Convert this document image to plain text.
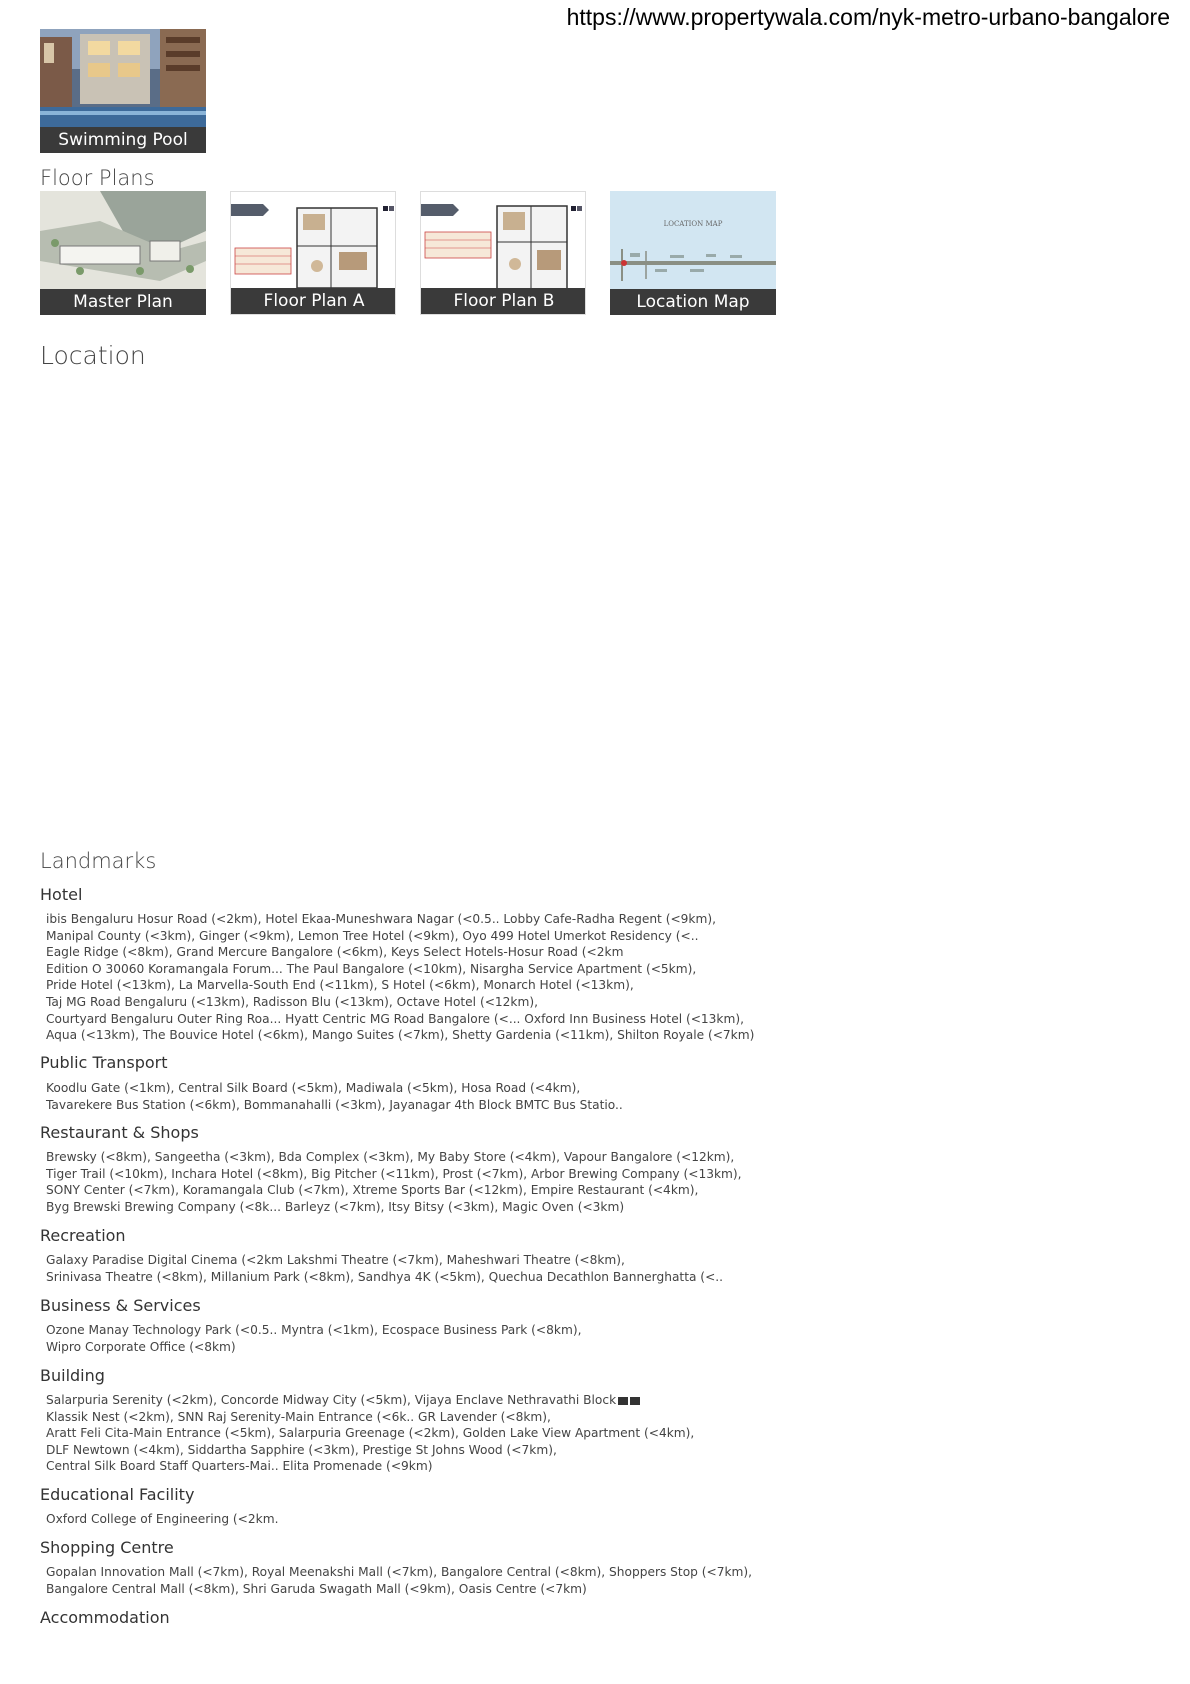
https://www.propertywala.com/nyk-metro-urbano-bangalore
Swimming Pool
Floor Plans
Master Plan	Floor Plan A	Floor Plan B
LOCATION MAP
Location Map
Location
Landmarks
Hotel
ibis Bengaluru Hosur Road (<2km), Hotel Ekaa-Muneshwara Nagar (<0.5.. Lobby Cafe-Radha Regent (<9km),
Manipal County (<3km), Ginger (<9km), Lemon Tree Hotel (<9km), Oyo 499 Hotel Umerkot Residency (<..
Eagle Ridge (<8km), Grand Mercure Bangalore (<6km), Keys Select Hotels-Hosur Road (<2km
Edition O 30060 Koramangala Forum... The Paul Bangalore (<10km), Nisargha Service Apartment (<5km),
Pride Hotel (<13km), La Marvella-South End (<11km), S Hotel (<6km), Monarch Hotel (<13km),
Taj MG Road Bengaluru (<13km), Radisson Blu (<13km), Octave Hotel (<12km),
Courtyard Bengaluru Outer Ring Roa... Hyatt Centric MG Road Bangalore (<... Oxford Inn Business Hotel (<13km),
Aqua (<13km), The Bouvice Hotel (<6km), Mango Suites (<7km), Shetty Gardenia (<11km), Shilton Royale (<7km)
Public Transport
Koodlu Gate (<1km), Central Silk Board (<5km), Madiwala (<5km), Hosa Road (<4km),
Tavarekere Bus Station (<6km), Bommanahalli (<3km), Jayanagar 4th Block BMTC Bus Statio..
Restaurant & Shops
Brewsky (<8km), Sangeetha (<3km), Bda Complex (<3km), My Baby Store (<4km), Vapour Bangalore (<12km),
Tiger Trail (<10km), Inchara Hotel (<8km), Big Pitcher (<11km), Prost (<7km), Arbor Brewing Company (<13km),
SONY Center (<7km), Koramangala Club (<7km), Xtreme Sports Bar (<12km), Empire Restaurant (<4km),
Byg Brewski Brewing Company (<8k... Barleyz (<7km), Itsy Bitsy (<3km), Magic Oven (<3km)
Recreation
Galaxy Paradise Digital Cinema (<2km Lakshmi Theatre (<7km), Maheshwari Theatre (<8km),
Srinivasa Theatre (<8km), Millanium Park (<8km), Sandhya 4K (<5km), Quechua Decathlon Bannerghatta (<..
Business & Services
Ozone Manay Technology Park (<0.5.. Myntra (<1km), Ecospace Business Park (<8km),
Wipro Corporate Office (<8km)
Building
Salarpuria Serenity (<2km), Concorde Midway City (<5km), Vijaya Enclave Nethravathi Block
Klassik Nest (<2km), SNN Raj Serenity-Main Entrance (<6k.. GR Lavender (<8km),
Aratt Feli Cita-Main Entrance (<5km), Salarpuria Greenage (<2km), Golden Lake View Apartment (<4km),
DLF Newtown (<4km), Siddartha Sapphire (<3km), Prestige St Johns Wood (<7km),
Central Silk Board Staff Quarters-Mai.. Elita Promenade (<9km)
Educational Facility
Oxford College of Engineering (<2km.
Shopping Centre
Gopalan Innovation Mall (<7km), Royal Meenakshi Mall (<7km), Bangalore Central (<8km), Shoppers Stop (<7km),
Bangalore Central Mall (<8km), Shri Garuda Swagath Mall (<9km), Oasis Centre (<7km)
Accommodation
